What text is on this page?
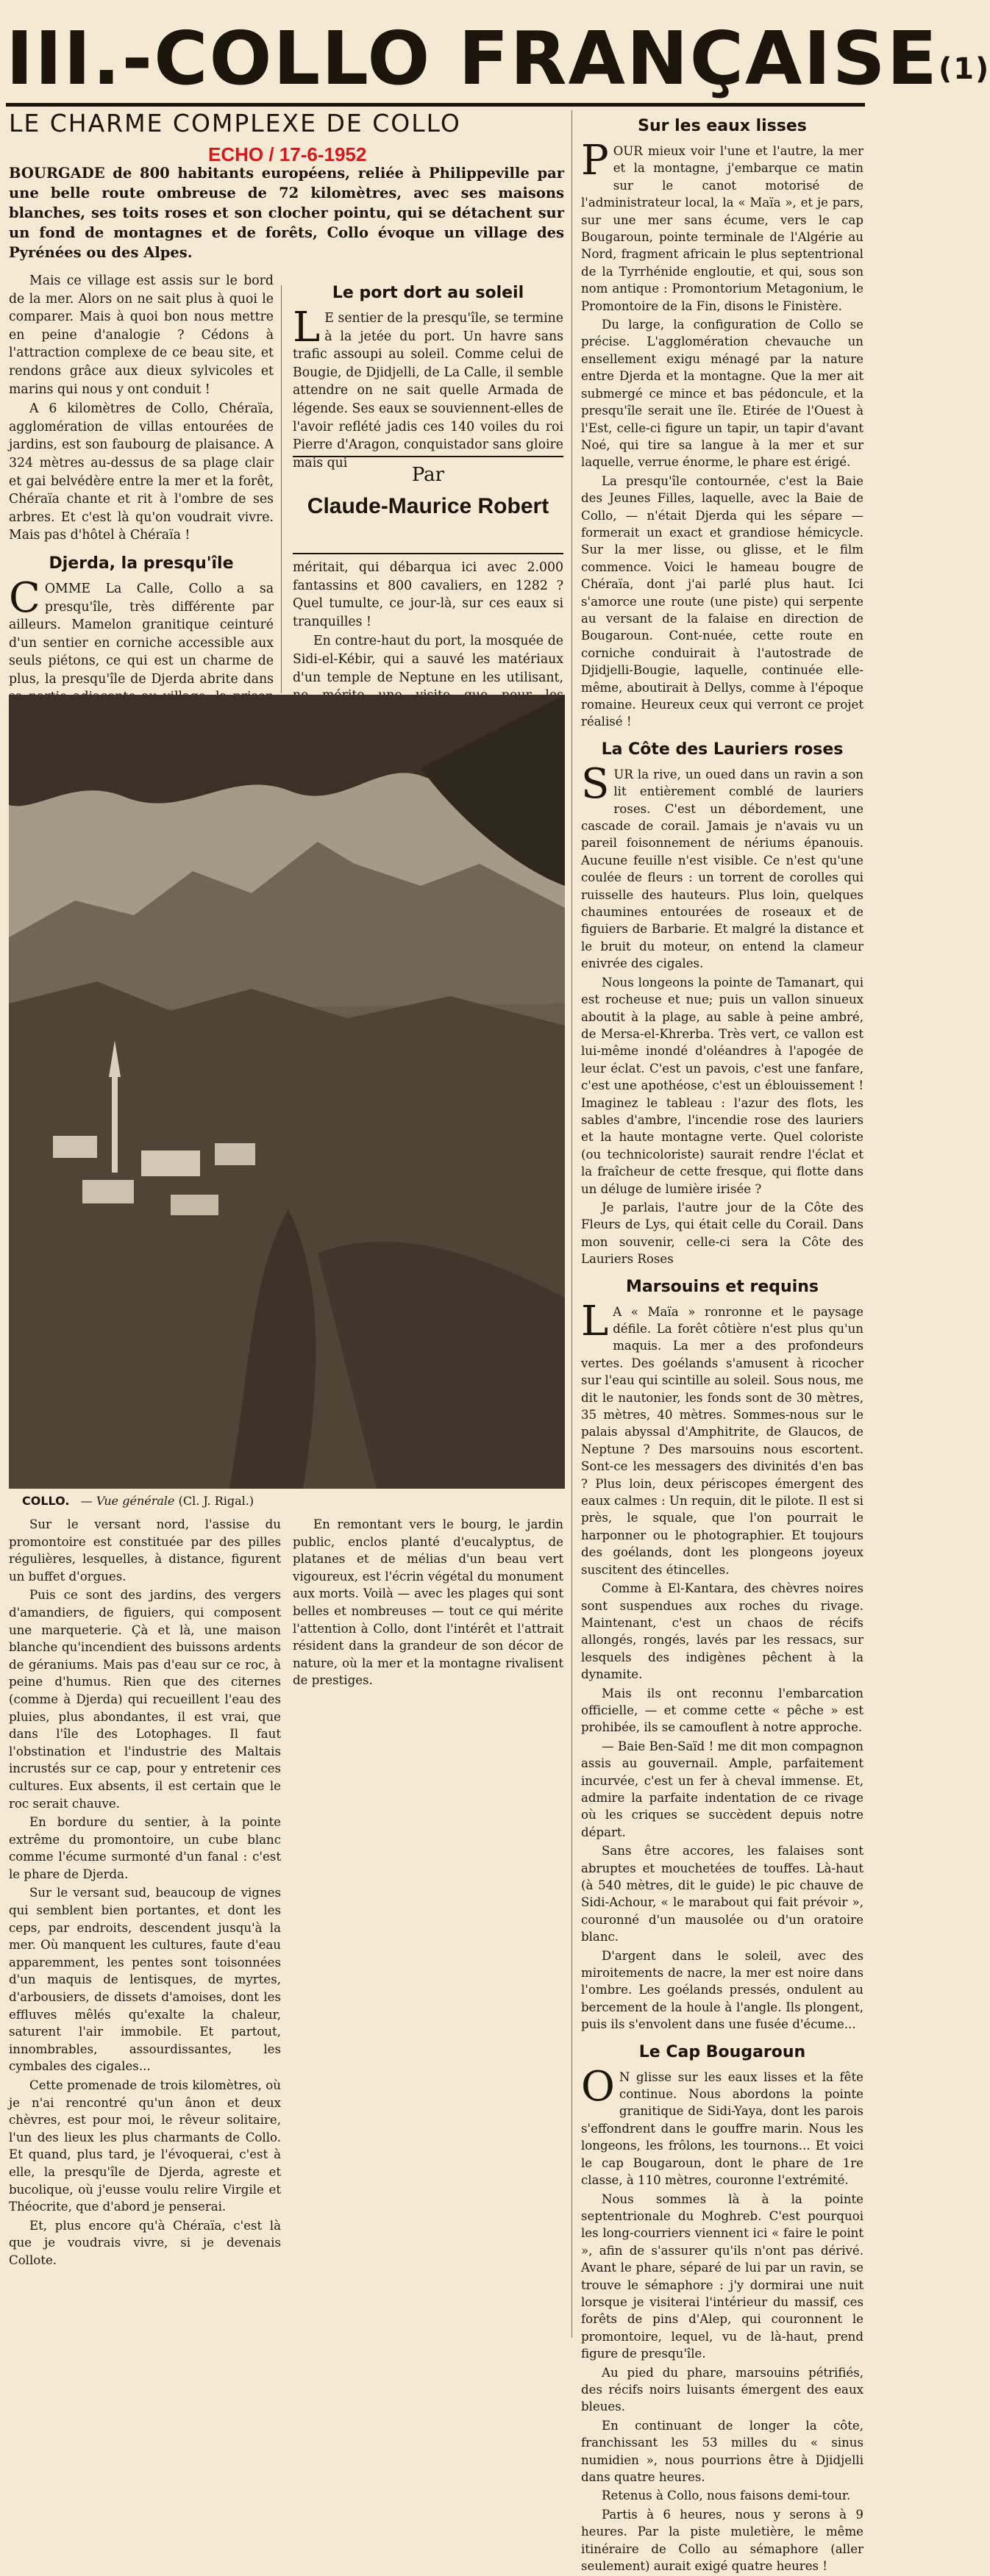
III.-COLLO FRANÇAISE$^{(1)}$
LE CHARME COMPLEXE DE COLLO
ECHO / 17-6-1952
BOURGADE de 800 habitants européens, reliée à Philippeville par une belle route ombreuse de 72 kilomètres, avec ses maisons blanches, ses toits roses et son clocher pointu, qui se détachent sur un fond de montagnes et de forêts, Collo évoque un village des Pyrénées ou des Alpes.

Mais ce village est assis sur le bord de la mer. Alors on ne sait plus à quoi le comparer. Mais à quoi bon nous mettre en peine d'analogie ? Cédons à l'attraction complexe de ce beau site, et rendons grâce aux dieux sylvicoles et marins qui nous y ont conduit !

A 6 kilomètres de Collo, Chéraïa, agglomération de villas entourées de jardins, est son faubourg de plaisance. A 324 mètres au-dessus de sa plage clair et gai belvédère entre la mer et la forêt, Chéraïa chante et rit à l'ombre de ses arbres. Et c'est là qu'on voudrait vivre. Mais pas d'hôtel à Chéraïa !

Djerda, la presqu'île

COMME La Calle, Collo a sa presqu'île, très différente par ailleurs. Mamelon granitique ceinturé d'un sentier en corniche accessible aux seuls piétons, ce qui est un charme de plus, la presqu'île de Djerda abrite dans

Le port dort au soleil

L E sentier de la presqu'île, se termine à la jetée du port. Un havre sans trafic assoupi au soleil. Comme celui de Bougie, de Djidjelli, de La Calle, il semble attendre on ne sait quelle Armada de légende. Ses eaux se souviennent-elles de l'avoir reflété jadis ces 140 voiles du roi Pierre d'Aragon, conquistador sans gloire mais qui

Par
Claude-Maurice Robert

méritait, qui débarqua ici avec 2.000 fantassins et 800 cavaliers, en 1282 ? Quel tumulte, ce jour-là, sur ces eaux si tranquilles !

En contre-haut du port, la mosquée de Sidi-el-Kébir, qui a sauvé les matériaux d'un temple de Neptune en les utilisant,

COLLO.   — Vue générale (Cl. J. Rigal.)

Sur le versant nord, l'assise du promontoire est constituée par des pilles régulières, lesquelles, à distance, figurent un buffet d'orgues.

Puis ce sont des jardins, des vergers d'amandiers, de figuiers, qui composent une marqueterie. Çà et là, une maison blanche qu'incendient des buissons ardents de géraniums. Mais pas d'eau sur ce roc, à peine d'humus. Rien que des citernes (comme à Djerda) qui recueillent l'eau des pluies, plus abondantes, il est vrai, que dans l'île des Lotophages. Il faut l'obstination et l'industrie des Maltais incrustés sur ce cap, pour y entretenir ces cultures. Eux absents, il est certain que le roc serait chauve.

En bordure du sentier, à la pointe extrême du promontoire, un cube blanc comme l'écume surmonté d'un fanal : c'est le phare de Djerda.

Sur le versant sud, beaucoup de vignes qui semblent bien portantes, et dont les ceps, par endroits, descendent jusqu'à la mer. Où manquent les cultures, faute d'eau apparemment, les pentes sont toisonnées d'un maquis de lentisques, de myrtes, d'arbousiers, de dissets d'amoises, dont les effluves mêlés qu'exalte la chaleur, saturent l'air immobile. Et partout, innombrables, assourdissantes, les cymbales des cigales...

Cette promenade de trois kilomètres, où je n'ai rencontré qu'un ânon et deux chèvres, est pour moi, le rêveur solitaire, l'un des lieux les plus charmants de Collo. Et quand, plus tard, je l'évoquerai, c'est à elle, la presqu'île de Djerda, agreste et bucolique, où j'eusse voulu relire Virgile et Théocrite, que d'abord je penserai.

Et, plus encore qu'à Chéraïa, c'est là que je voudrais vivre, si je devenais Collote.

En remontant vers le bourg, le jardin public, enclos planté d'eucalyptus, de platanes et de mélias d'un beau vert vigoureux, est l'écrin végétal du monument aux morts. Voilà — avec les plages qui sont belles et nombreuses — tout ce qui mérite l'attention à Collo, dont l'intérêt et l'attrait résident dans la grandeur de son décor de nature, où la mer et la montagne rivalisent de prestiges.

Sur les eaux lisses

POUR mieux voir l'une et l'autre, la mer et la montagne, j'embarque ce matin sur le canot motorisé de l'administrateur local, la « Maïa », et je pars, sur une mer sans écume, vers le cap Bougaroun, pointe terminale de l'Algérie au Nord, fragment africain le plus septentrional de la Tyrrhénide engloutie, et qui, sous son nom antique : Promontorium Metagonium, le Promontoire de la Fin, disons le Finistère.

Du large, la configuration de Collo se précise. L'agglomération chevauche un ensellement exigu ménagé par la nature entre Djerda et la montagne. Que la mer ait submergé ce mince et bas pédoncule, et la presqu'île serait une île. Etirée de l'Ouest à l'Est, celle-ci figure un tapir, un tapir d'avant Noé, qui tire sa langue à la mer et sur laquelle, verrue énorme, le phare est érigé.

La presqu'île contournée, c'est la Baie des Jeunes Filles, laquelle, avec la Baie de Collo, — n'était Djerda qui les sépare — formerait un exact et grandiose hémicycle. Sur la mer lisse, ou glisse, et le film commence. Voici le hameau bougre de Chéraïa, dont j'ai parlé plus haut. Ici s'amorce une route (une piste) qui serpente au versant de la falaise en direction de Bougaroun. Cont-nuée, cette route en corniche conduirait à l'autostrade de Djidjelli-Bougie, laquelle, continuée elle-même, aboutirait à Dellys, comme à l'époque romaine. Heureux ceux qui verront ce projet réalisé !

La Côte des Lauriers roses

SUR la rive, un oued dans un ravin a son lit entièrement comblé de lauriers roses. C'est un débordement, une cascade de corail. Jamais je n'avais vu un pareil foisonnement de nériums épanouis. Aucune feuille n'est visible. Ce n'est qu'une coulée de fleurs : un torrent de corolles qui ruisselle des hauteurs. Plus loin, quelques chaumines entourées de roseaux et de figuiers de Barbarie. Et malgré la distance et le bruit du moteur, on entend la clameur enivrée des cigales.

Nous longeons la pointe de Tamanart, qui est rocheuse et nue; puis un vallon sinueux aboutit à la plage, au sable à peine ambré, de Mersa-el-Khrerba. Très vert, ce vallon est lui-même inondé d'oléandres à l'apogée de leur éclat. C'est un pavois, c'est une fanfare, c'est une apothéose, c'est un éblouissement ! Imaginez le tableau : l'azur des flots, les sables d'ambre, l'incendie rose des lauriers et la haute montagne verte. Quel coloriste (ou technicoloriste) saurait rendre l'éclat et la fraîcheur de cette fresque, qui flotte dans un déluge de lumière irisée ?

Je parlais, l'autre jour de la Côte des Fleurs de Lys, qui était celle du Corail. Dans mon souvenir, celle-ci sera la Côte des Lauriers Roses

Marsouins et requins

L A « Maïa » ronronne et le paysage défile. La forêt côtière n'est plus qu'un maquis. La mer a des profondeurs vertes. Des goélands s'amusent à ricocher sur l'eau qui scintille au soleil. Sous nous, me dit le nautonier, les fonds sont de 30 mètres, 35 mètres, 40 mètres. Sommes-nous sur le palais abyssal d'Amphitrite, de Glaucos, de Neptune ? Des marsouins nous escortent. Sont-ce les messagers des divinités d'en bas ? Plus loin, deux périscopes émergent des eaux calmes : Un requin, dit le pilote. Il est si près, le squale, que l'on pourrait le harponner ou le photographier. Et toujours des goélands, dont les plongeons joyeux suscitent des étincelles.

Comme à El-Kantara, des chèvres noires sont suspendues aux roches du rivage. Maintenant, c'est un chaos de récifs allongés, rongés, lavés par les ressacs, sur lesquels des indigènes pêchent à la dynamite.

Mais ils ont reconnu l'embarcation officielle, — et comme cette « pêche » est prohibée, ils se camouflent à notre approche.

— Baie Ben-Saïd ! me dit mon compagnon assis au gouvernail. Ample, parfaitement incurvée, c'est un fer à cheval immense. Et, admire la parfaite indentation de ce rivage où les criques se succèdent depuis notre départ.

Sans être accores, les falaises sont abruptes et mouchetées de touffes. Là-haut (à 540 mètres, dit le guide) le pic chauve de Sidi-Achour, « le marabout qui fait prévoir », couronné d'un mausolée ou d'un oratoire blanc.

D'argent dans le soleil, avec des miroitements de nacre, la mer est noire dans l'ombre. Les goélands pressés, ondulent au bercement de la houle à l'angle. Ils plongent, puis ils s'envolent dans une fusée d'écume...

Le Cap Bougaroun

O N glisse sur les eaux lisses et la fête continue. Nous abordons la pointe granitique de Sidi-Yaya, dont les parois s'effondrent dans le gouffre marin. Nous les longeons, les frôlons, les tournons... Et voici le cap Bougaroun, dont le phare de 1re classe, à 110 mètres, couronne l'extrémité.

Nous sommes là à la pointe septentrionale du Moghreb. C'est pourquoi les long-courriers viennent ici « faire le point », afin de s'assurer qu'ils n'ont pas dérivé. Avant le phare, séparé de lui par un ravin, se trouve le sémaphore : j'y dormirai une nuit lorsque je visiterai l'intérieur du massif, ces forêts de pins d'Alep, qui couronnent le promontoire, lequel, vu de là-haut, prend figure de presqu'île.

Au pied du phare, marsouins pétrifiés, des récifs noirs luisants émergent des eaux bleues.

En continuant de longer la côte, franchissant les 53 milles du « sinus numidien », nous pourrions être à Djidjelli dans quatre heures.

Retenus à Collo, nous faisons demi-tour.

Partis à 6 heures, nous y serons à 9 heures. Par la piste muletière, le même itinéraire de Collo au sémaphore (aller seulement) aurait exigé quatre heures !
